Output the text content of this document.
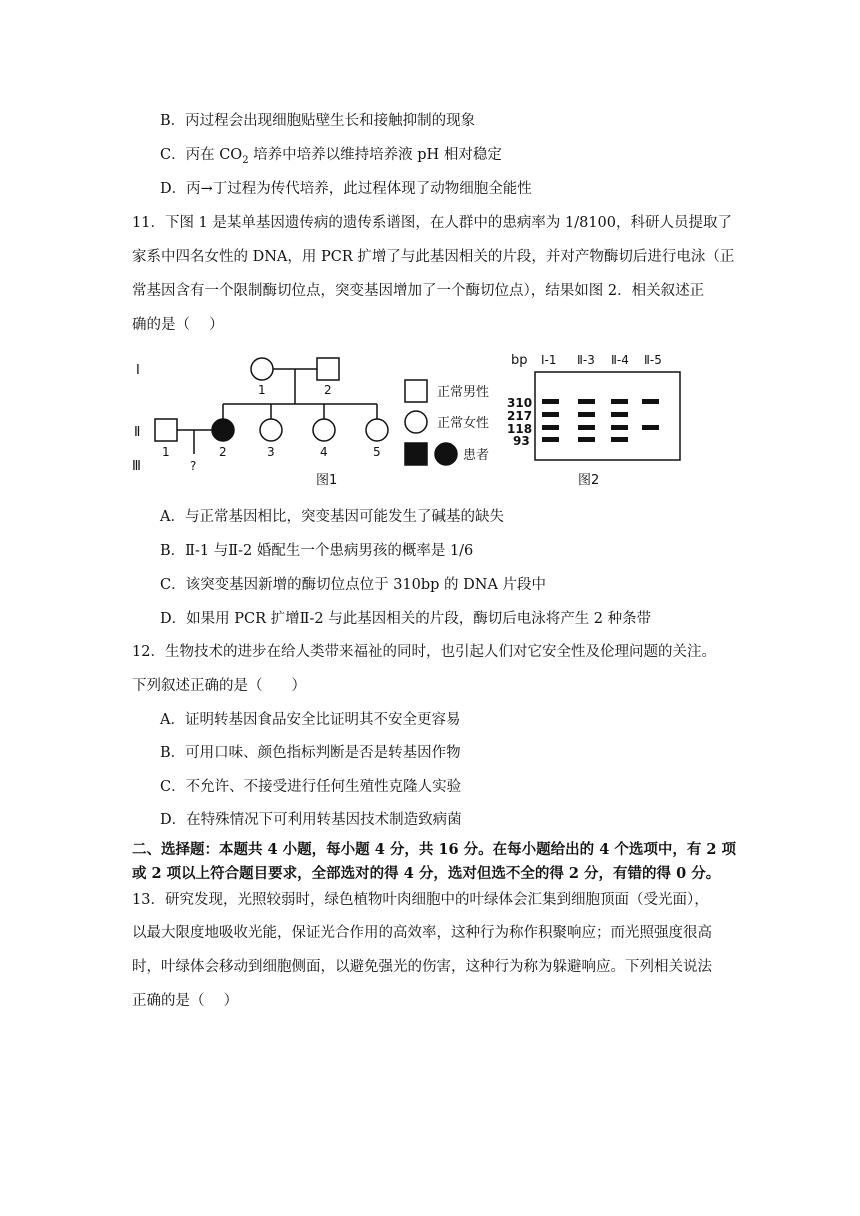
B．丙过程会出现细胞贴壁生长和接触抑制的现象
C．丙在 $CO_2$ 培养中培养以维持培养液 pH 相对稳定
D．丙→丁过程为传代培养，此过程体现了动物细胞全能性
11．下图 1 是某单基因遗传病的遗传系谱图，在人群中的患病率为 1/8100，科研人员提取了
家系中四名女性的 DNA，用 PCR 扩增了与此基因相关的片段，并对产物酶切后进行电泳（正
常基因含有一个限制酶切位点，突变基因增加了一个酶切位点），结果如图 2．相关叙述正
确的是（　 ）
Ⅰ
Ⅱ
Ⅲ
1	2
1	2	3	4	5
?
图1
正常男性
正常女性
患者
bp Ⅰ-1 Ⅱ-3 Ⅱ-4 Ⅱ-5
310
217
118
93
图2
A．与正常基因相比，突变基因可能发生了碱基的缺失
B．Ⅱ-1 与Ⅱ-2 婚配生一个患病男孩的概率是 1/6
C．该突变基因新增的酶切位点位于 310bp 的 DNA 片段中
D．如果用 PCR 扩增Ⅱ-2 与此基因相关的片段，酶切后电泳将产生 2 种条带
12．生物技术的进步在给人类带来福祉的同时，也引起人们对它安全性及伦理问题的关注。
下列叙述正确的是（　　）
A．证明转基因食品安全比证明其不安全更容易
B．可用口味、颜色指标判断是否是转基因作物
C．不允许、不接受进行任何生殖性克隆人实验
D．在特殊情况下可利用转基因技术制造致病菌
二、选择题：本题共 4 小题，每小题 4 分，共 16 分。在每小题给出的 4 个选项中，有 2 项
或 2 项以上符合题目要求，全部选对的得 4 分，选对但选不全的得 2 分，有错的得 0 分。
13．研究发现，光照较弱时，绿色植物叶肉细胞中的叶绿体会汇集到细胞顶面（受光面），
以最大限度地吸收光能，保证光合作用的高效率，这种行为称作积聚响应；而光照强度很高
时，叶绿体会移动到细胞侧面，以避免强光的伤害，这种行为称为躲避响应。下列相关说法
正确的是（　 ）
